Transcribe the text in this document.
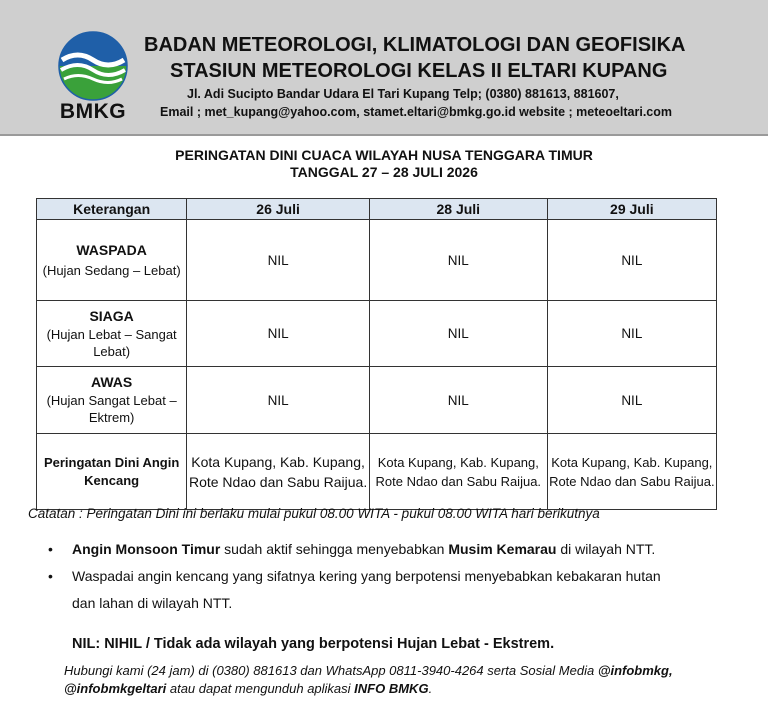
BMKG
BADAN METEOROLOGI, KLIMATOLOGI DAN GEOFISIKA
STASIUN METEOROLOGI KELAS II ELTARI KUPANG
Jl. Adi Sucipto Bandar Udara El Tari Kupang Telp; (0380) 881613, 881607,
Email ; met_kupang@yahoo.com, stamet.eltari@bmkg.go.id website ; meteoeltari.com
PERINGATAN DINI CUACA WILAYAH NUSA TENGGARA TIMUR
TANGGAL 27 – 28 JULI 2026
Keterangan	26 Juli	28 Juli	29 Juli

WASPADA
(Hujan Sedang – Lebat)	NIL	NIL	NIL

SIAGA
(Hujan Lebat – Sangat Lebat)	NIL	NIL	NIL

AWAS
(Hujan Sangat Lebat – Ektrem)	NIL	NIL	NIL

Peringatan Dini Angin Kencang	Kota Kupang, Kab. Kupang, Rote Ndao dan Sabu Raijua.	Kota Kupang, Kab. Kupang, Rote Ndao dan Sabu Raijua.	Kota Kupang, Kab. Kupang, Rote Ndao dan Sabu Raijua.
Catatan : Peringatan Dini ini berlaku mulai pukul 08.00 WITA - pukul 08.00 WITA hari berikutnya
• Angin Monsoon Timur sudah aktif sehingga menyebabkan Musim Kemarau di wilayah NTT.
• Waspadai angin kencang yang sifatnya kering yang berpotensi menyebabkan kebakaran hutan
dan lahan di wilayah NTT.
NIL: NIHIL / Tidak ada wilayah yang berpotensi Hujan Lebat - Ekstrem.
Hubungi kami (24 jam) di (0380) 881613 dan WhatsApp 0811-3940-4264 serta Sosial Media @infobmkg,
@infobmkgeltari atau dapat mengunduh aplikasi INFO BMKG.
